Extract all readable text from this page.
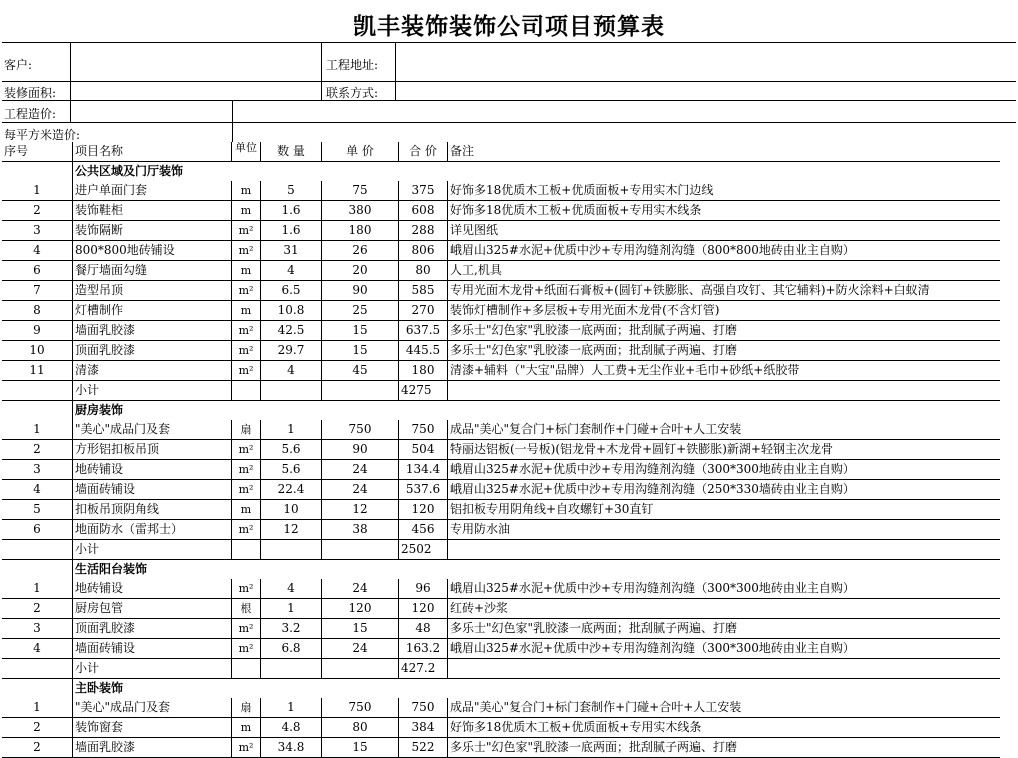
凯丰装饰装饰公司项目预算表
客户:	工程地址:
装修面积:	联系方式:
工程造价:
每平方米造价:
序号	项目名称	单位	数 量	单 价	合 价	备注
	公共区域及门厅装饰					
1	进户单面门套	m	5	75	375	好饰多18优质木工板+优质面板+专用实木门边线
2	装饰鞋柜	m	1.6	380	608	好饰多18优质木工板+优质面板+专用实木线条
3	装饰隔断	m²	1.6	180	288	详见图纸
4	800*800地砖铺设	m²	31	26	806	峨眉山325#水泥+优质中沙+专用沟缝剂沟缝（800*800地砖由业主自购）
6	餐厅墙面勾缝	m	4	20	80	人工,机具
7	造型吊顶	m²	6.5	90	585	专用光面木龙骨+纸面石膏板+(圆钉+铁膨胀、高强自攻钉、其它辅料)+防火涂料+白蚁清
8	灯槽制作	m	10.8	25	270	装饰灯槽制作+多层板+专用光面木龙骨(不含灯管)
9	墙面乳胶漆	m²	42.5	15	637.5	多乐士"幻色家"乳胶漆一底两面；批刮腻子两遍、打磨
10	顶面乳胶漆	m²	29.7	15	445.5	多乐士"幻色家"乳胶漆一底两面；批刮腻子两遍、打磨
11	清漆	m²	4	45	180	清漆+辅料（"大宝"品牌）人工费+无尘作业+毛巾+砂纸+纸胶带
	小计				4275	
	厨房装饰					
1	"美心"成品门及套	扇	1	750	750	成品"美心"复合门+标门套制作+门碰+合叶+人工安装
2	方形铝扣板吊顶	m²	5.6	90	504	特丽达铝板(一号板)(铝龙骨+木龙骨+圆钉+铁膨胀)新湖+轻钢主次龙骨
3	地砖铺设	m²	5.6	24	134.4	峨眉山325#水泥+优质中沙+专用沟缝剂沟缝（300*300地砖由业主自购）
4	墙面砖铺设	m²	22.4	24	537.6	峨眉山325#水泥+优质中沙+专用沟缝剂沟缝（250*330墙砖由业主自购）
5	扣板吊顶阴角线	m	10	12	120	铝扣板专用阴角线+自攻螺钉+30直钉
6	地面防水（雷邦士）	m²	12	38	456	专用防水油
	小计				2502	
	生活阳台装饰					
1	地砖铺设	m²	4	24	96	峨眉山325#水泥+优质中沙+专用沟缝剂沟缝（300*300地砖由业主自购）
2	厨房包管	根	1	120	120	红砖+沙浆
3	顶面乳胶漆	m²	3.2	15	48	多乐士"幻色家"乳胶漆一底两面；批刮腻子两遍、打磨
4	墙面砖铺设	m²	6.8	24	163.2	峨眉山325#水泥+优质中沙+专用沟缝剂沟缝（300*300地砖由业主自购）
	小计				427.2	
	主卧装饰					
1	"美心"成品门及套	扇	1	750	750	成品"美心"复合门+标门套制作+门碰+合叶+人工安装
2	装饰窗套	m	4.8	80	384	好饰多18优质木工板+优质面板+专用实木线条
2	墙面乳胶漆	m²	34.8	15	522	多乐士"幻色家"乳胶漆一底两面；批刮腻子两遍、打磨
